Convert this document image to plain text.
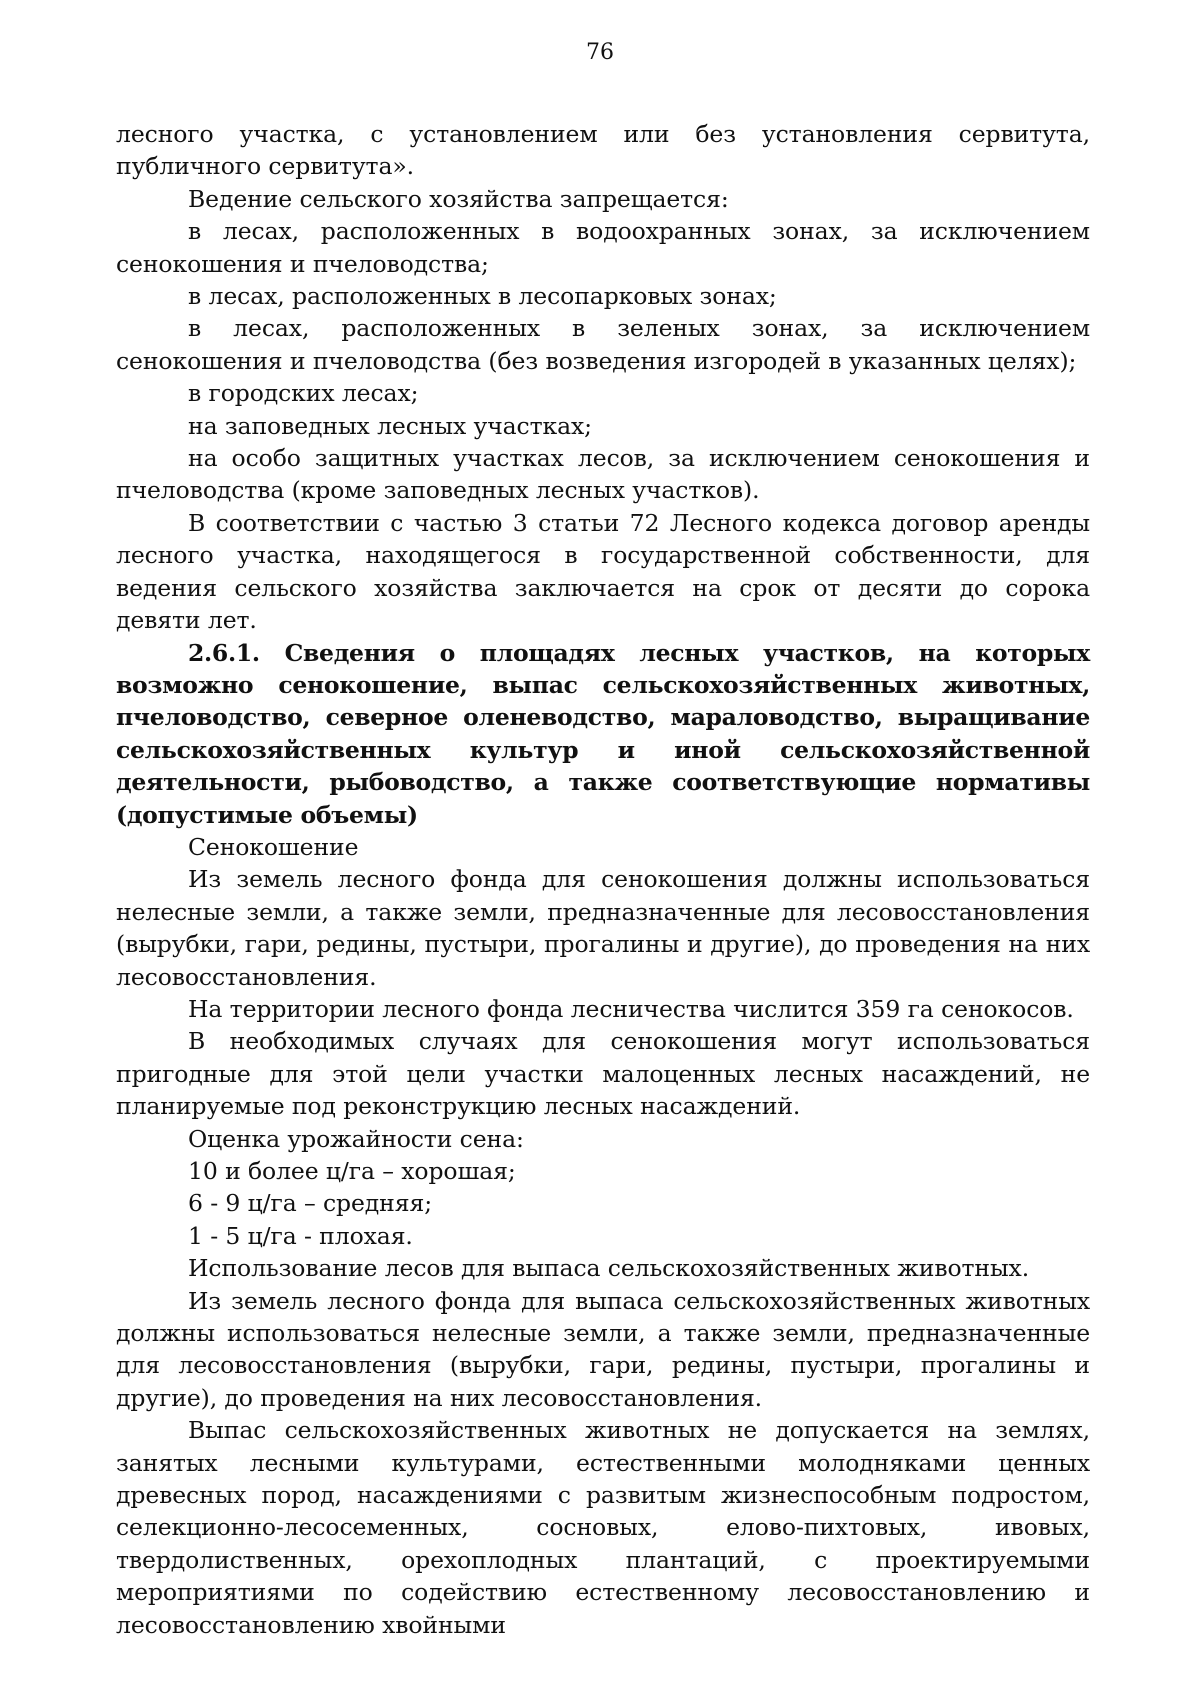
76

лесного участка, с установлением или без установления сервитута, публичного сервитута».

Ведение сельского хозяйства запрещается:

в лесах, расположенных в водоохранных зонах, за исключением сенокошения и пчеловодства;

в лесах, расположенных в лесопарковых зонах;

в лесах, расположенных в зеленых зонах, за исключением сенокошения и пчеловодства (без возведения изгородей в указанных целях);

в городских лесах;

на заповедных лесных участках;

на особо защитных участках лесов, за исключением сенокошения и пчеловодства (кроме заповедных лесных участков).

В соответствии с частью 3 статьи 72 Лесного кодекса договор аренды лесного участка, находящегося в государственной собственности, для ведения сельского хозяйства заключается на срок от десяти до сорока девяти лет.

2.6.1. Сведения о площадях лесных участков, на которых возможно сенокошение, выпас сельскохозяйственных животных, пчеловодство, северное оленеводство, мараловодство, выращивание сельскохозяйственных культур и иной сельскохозяйственной деятельности, рыбоводство, а также соответствующие нормативы (допустимые объемы)

Сенокошение

Из земель лесного фонда для сенокошения должны использоваться нелесные земли, а также земли, предназначенные для лесовосстановления (вырубки, гари, редины, пустыри, прогалины и другие), до проведения на них лесовосстановления.

На территории лесного фонда лесничества числится 359 га сенокосов.

В необходимых случаях для сенокошения могут использоваться пригодные для этой цели участки малоценных лесных насаждений, не планируемые под реконструкцию лесных насаждений.

Оценка урожайности сена:

10 и более ц/га – хорошая;

6 - 9 ц/га – средняя;

1 - 5 ц/га - плохая.

Использование лесов для выпаса сельскохозяйственных животных.

Из земель лесного фонда для выпаса сельскохозяйственных животных должны использоваться нелесные земли, а также земли, предназначенные для лесовосстановления (вырубки, гари, редины, пустыри, прогалины и другие), до проведения на них лесовосстановления.

Выпас сельскохозяйственных животных не допускается на землях, занятых лесными культурами, естественными молодняками ценных древесных пород, насаждениями с развитым жизнеспособным подростом, селекционно-лесосеменных, сосновых, елово-пихтовых, ивовых, твердолиственных, орехоплодных плантаций, с проектируемыми мероприятиями по содействию естественному лесовосстановлению и лесовосстановлению хвойными
